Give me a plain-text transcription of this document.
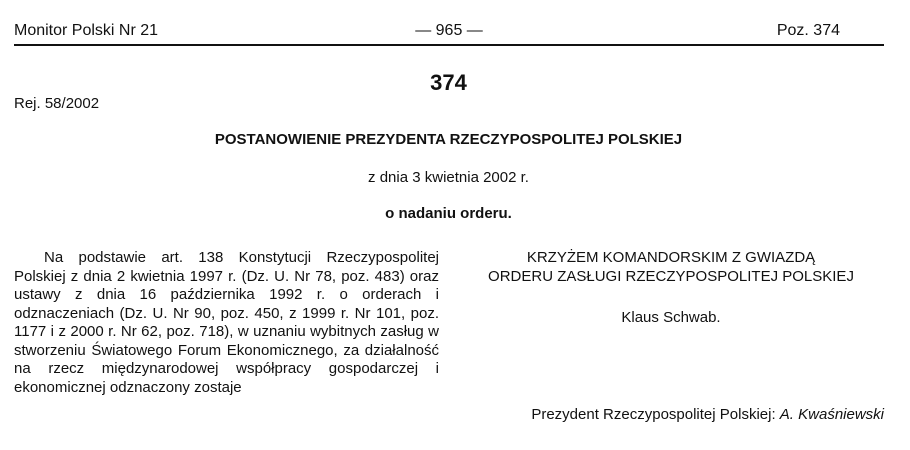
Monitor Polski Nr 21	— 965 —	Poz. 374
374
Rej. 58/2002
POSTANOWIENIE PREZYDENTA RZECZYPOSPOLITEJ POLSKIEJ
z dnia 3 kwietnia 2002 r.
o nadaniu orderu.

Na podstawie art. 138 Konstytucji Rzeczypospolitej Polskiej z dnia 2 kwietnia 1997 r. (Dz. U. Nr 78, poz. 483) oraz ustawy z dnia 16 października 1992 r. o orderach i odznaczeniach (Dz. U. Nr 90, poz. 450, z 1999 r. Nr 101, poz. 1177 i z 2000 r. Nr 62, poz. 718), w uznaniu wybitnych zasług w stworzeniu Światowego Forum Ekonomicznego, za działalność na rzecz międzynarodowej współpracy gospodarczej i ekonomicznej odznaczony zostaje

KRZYŻEM KOMANDORSKIM Z GWIAZDĄ

ORDERU ZASŁUGI RZECZYPOSPOLITEJ POLSKIEJ

Klaus Schwab.
Prezydent Rzeczypospolitej Polskiej: A. Kwaśniewski
